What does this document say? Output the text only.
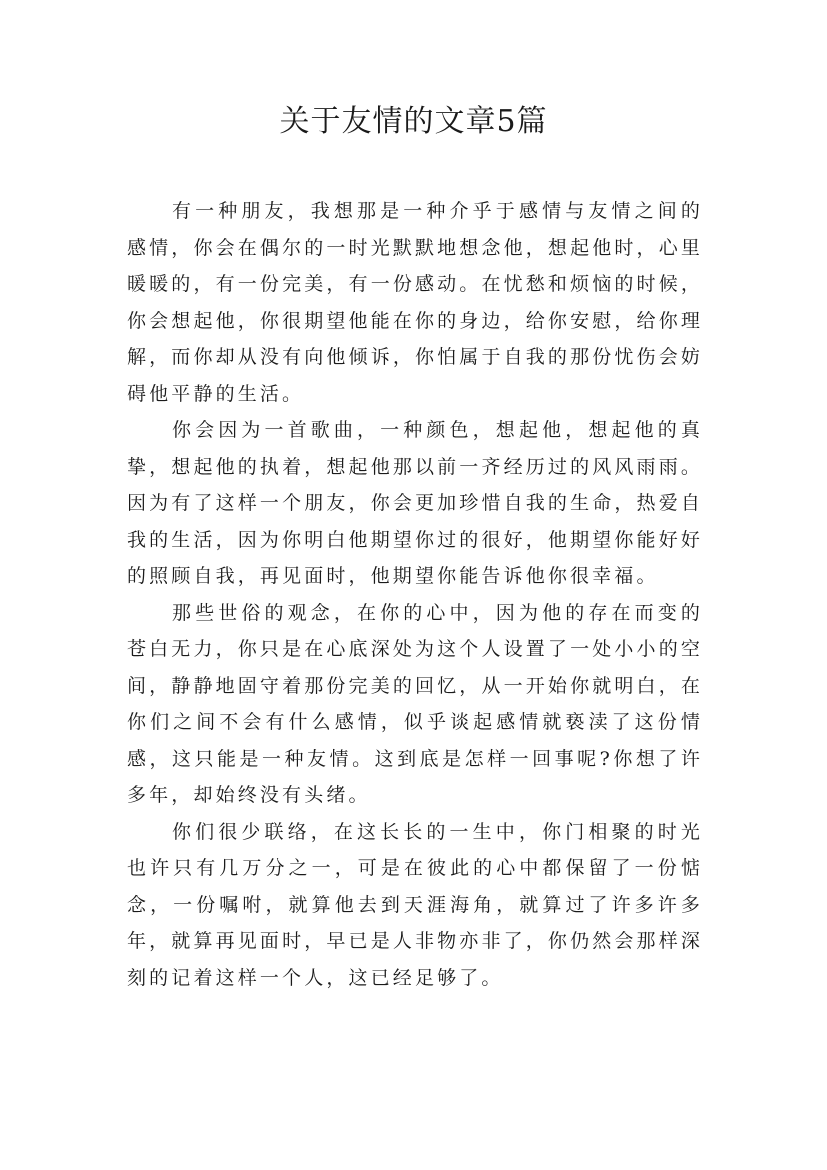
关于友情的文章5篇

有一种朋友，我想那是一种介乎于感情与友情之间的感情，你会在偶尔的一时光默默地想念他，想起他时，心里暖暖的，有一份完美，有一份感动。在忧愁和烦恼的时候，你会想起他，你很期望他能在你的身边，给你安慰，给你理解，而你却从没有向他倾诉，你怕属于自我的那份忧伤会妨碍他平静的生活。

你会因为一首歌曲，一种颜色，想起他，想起他的真挚，想起他的执着，想起他那以前一齐经历过的风风雨雨。因为有了这样一个朋友，你会更加珍惜自我的生命，热爱自我的生活，因为你明白他期望你过的很好，他期望你能好好的照顾自我，再见面时，他期望你能告诉他你很幸福。

那些世俗的观念，在你的心中，因为他的存在而变的苍白无力，你只是在心底深处为这个人设置了一处小小的空间，静静地固守着那份完美的回忆，从一开始你就明白，在你们之间不会有什么感情，似乎谈起感情就亵渎了这份情感，这只能是一种友情。这到底是怎样一回事呢?你想了许多年，却始终没有头绪。

你们很少联络，在这长长的一生中，你门相聚的时光也许只有几万分之一，可是在彼此的心中都保留了一份惦念，一份嘱咐，就算他去到天涯海角，就算过了许多许多年，就算再见面时，早已是人非物亦非了，你仍然会那样深刻的记着这样一个人，这已经足够了。
